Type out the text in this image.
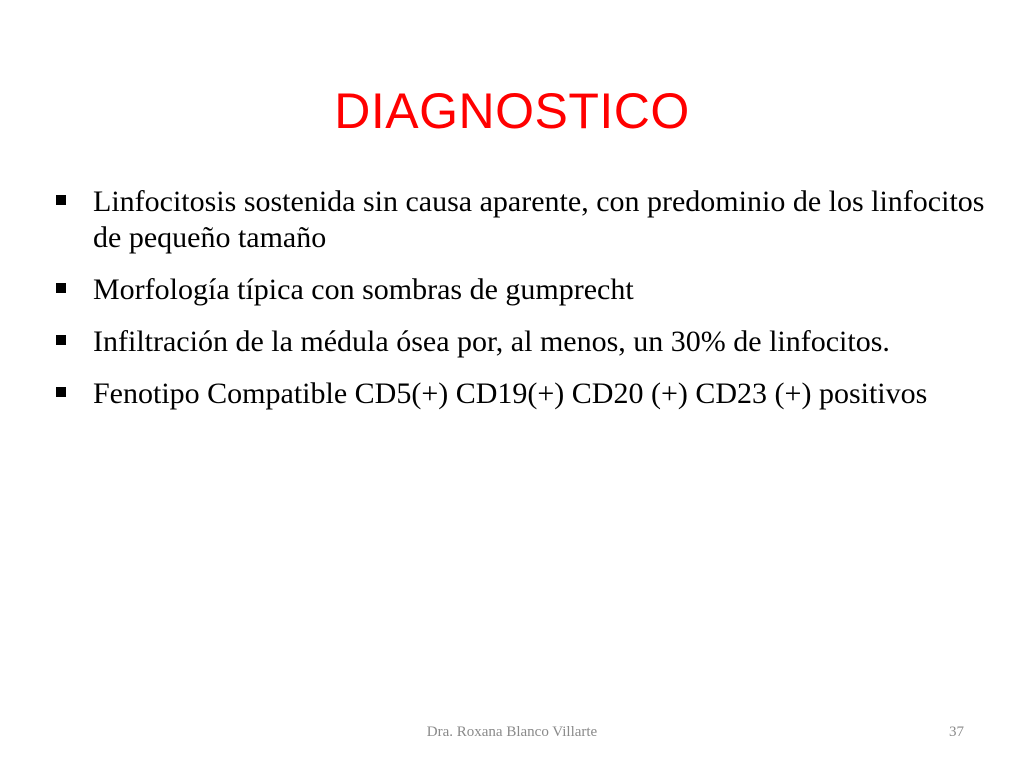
DIAGNOSTICO
Linfocitosis sostenida sin causa aparente, con predominio de los linfocitos de pequeño tamaño
Morfología típica con sombras de gumprecht
Infiltración de la médula ósea por, al menos, un 30% de linfocitos.
Fenotipo Compatible CD5(+) CD19(+) CD20 (+) CD23 (+) positivos
Dra. Roxana Blanco Villarte	37
